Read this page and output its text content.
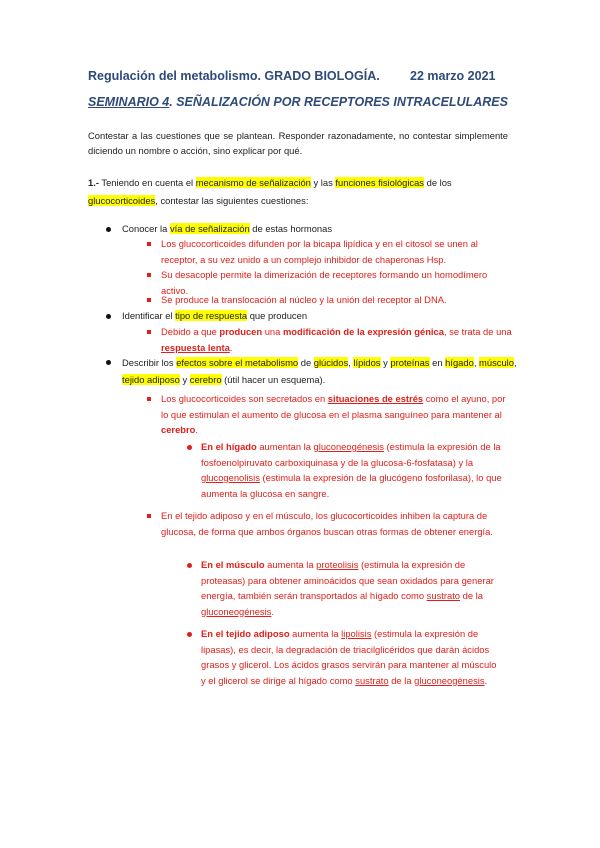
Regulación del metabolismo. GRADO BIOLOGÍA. 22 marzo 2021
SEMINARIO 4. SEÑALIZACIÓN POR RECEPTORES INTRACELULARES
Contestar a las cuestiones que se plantean. Responder razonadamente, no contestar simplemente diciendo un nombre o acción, sino explicar por qué.
1.- Teniendo en cuenta el mecanismo de señalización y las funciones fisiológicas de los glucocorticoides, contestar las siguientes cuestiones:
Conocer la vía de señalización de estas hormonas
Los glucocorticoides difunden por la bicapa lipídica y en el citosol se unen al receptor, a su vez unido a un complejo inhibidor de chaperonas Hsp.
Su desacople permite la dimerización de receptores formando un homodímero activo.
Se produce la translocación al núcleo y la unión del receptor al DNA.
Identificar el tipo de respuesta que producen
Debido a que producen una modificación de la expresión génica, se trata de una respuesta lenta.
Describir los efectos sobre el metabolismo de glúcidos, lípidos y proteínas en hígado, músculo, tejido adiposo y cerebro (útil hacer un esquema).
Los glucocorticoides son secretados en situaciones de estrés como el ayuno, por lo que estimulan el aumento de glucosa en el plasma sanguíneo para mantener al cerebro.
En el hígado aumentan la gluconeogénesis (estimula la expresión de la fosfoenolpiruvato carboxiquinasa y de la glucosa-6-fosfatasa) y la glucogenolisis (estimula la expresión de la glucógeno fosforilasa), lo que aumenta la glucosa en sangre.
En el tejido adiposo y en el músculo, los glucocorticoides inhiben la captura de glucosa, de forma que ambos órganos buscan otras formas de obtener energía.
En el músculo aumenta la proteolisis (estimula la expresión de proteasas) para obtener aminoácidos que sean oxidados para generar energía, también serán transportados al hígado como sustrato de la gluconeogénesis.
En el tejido adiposo aumenta la lipolisis (estimula la expresión de lipasas), es decir, la degradación de triacilglicéridos que darán ácidos grasos y glicerol. Los ácidos grasos servirán para mantener al músculo y el glicerol se dirige al hígado como sustrato de la gluconeogénesis.
